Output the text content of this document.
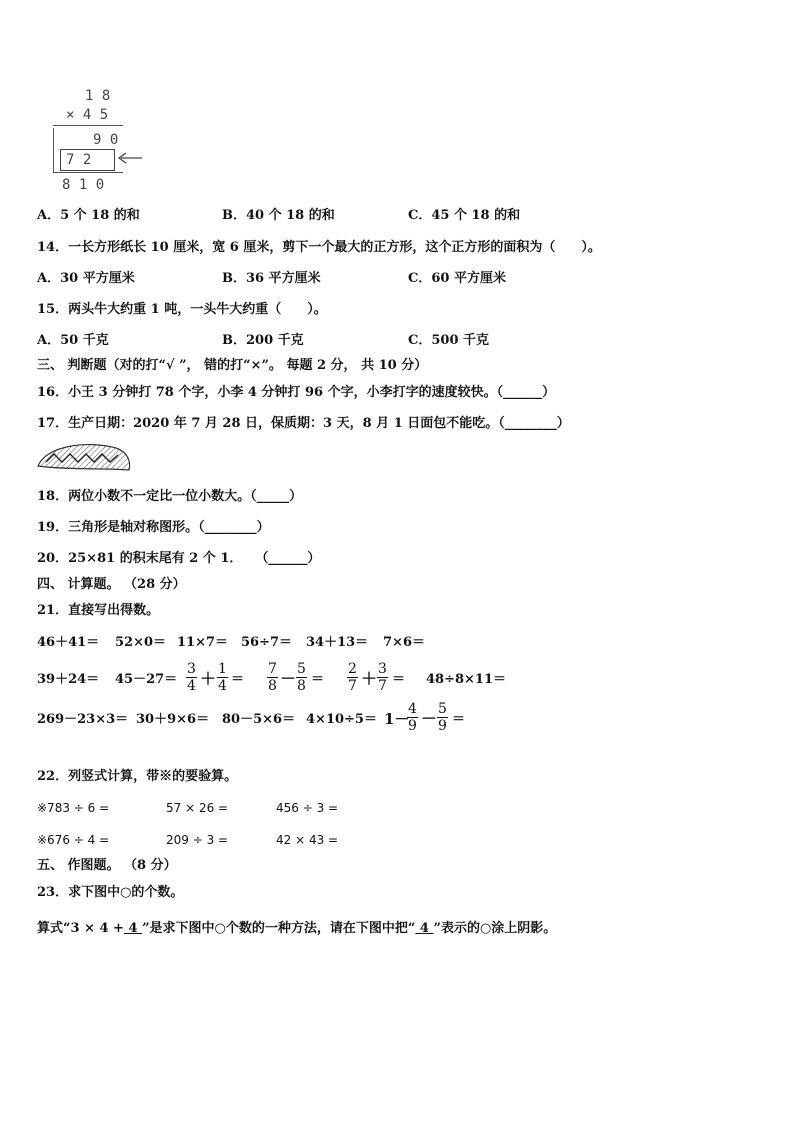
1 8
× 4 5
9 0
7 2
8 1 0
A．5 个 18 的和	B．40 个 18 的和	C．45 个 18 的和
14．一长方形纸长 10 厘米，宽 6 厘米，剪下一个最大的正方形，这个正方形的面积为（　　）。
A．30 平方厘米	B．36 平方厘米	C．60 平方厘米
15．两头牛大约重 1 吨，一头牛大约重（　　）。
A．50 千克	B．200 千克	C．500 千克
三、 判断题（对的打“√ ”， 错的打“×”。 每题 2 分， 共 10 分）
16．小王 3 分钟打 78 个字，小李 4 分钟打 96 个字，小李打字的速度较快。（______）
17．生产日期：2020 年 7 月 28 日，保质期：3 天，8 月 1 日面包不能吃。（________）
18．两位小数不一定比一位小数大。（_____）
19．三角形是轴对称图形。（________）
20．25×81 的积末尾有 2 个 1．　　（______）
四、 计算题。 （28 分）
21．直接写出得数。
46＋41＝ 52×0＝ 11×7＝ 56÷7＝ 34＋13＝ 7×6＝
$39+24= 45-27= \frac{3}{4} + \frac{1}{4} = \frac{7}{8} - \frac{5}{8} = \frac{2}{7} + \frac{3}{7} = 48\div 8\times 11=$
269－23×3＝ 30＋9×6＝ 80－5×6＝ 4×10÷5＝ 1－
$\frac{4}{9} - \frac{5}{9}$ ＝
22．列竖式计算，带※的要验算。
※783 ÷ 6 =	57 × 26 =	456 ÷ 3 =
※676 ÷ 4 =	209 ÷ 3 =	42 × 43 =
五、 作图题。 （8 分）
23．求下图中○的个数。
算式“3 × 4 + 4 ”是求下图中○个数的一种方法，请在下图中把“ 4 ”表示的○涂上阴影。
